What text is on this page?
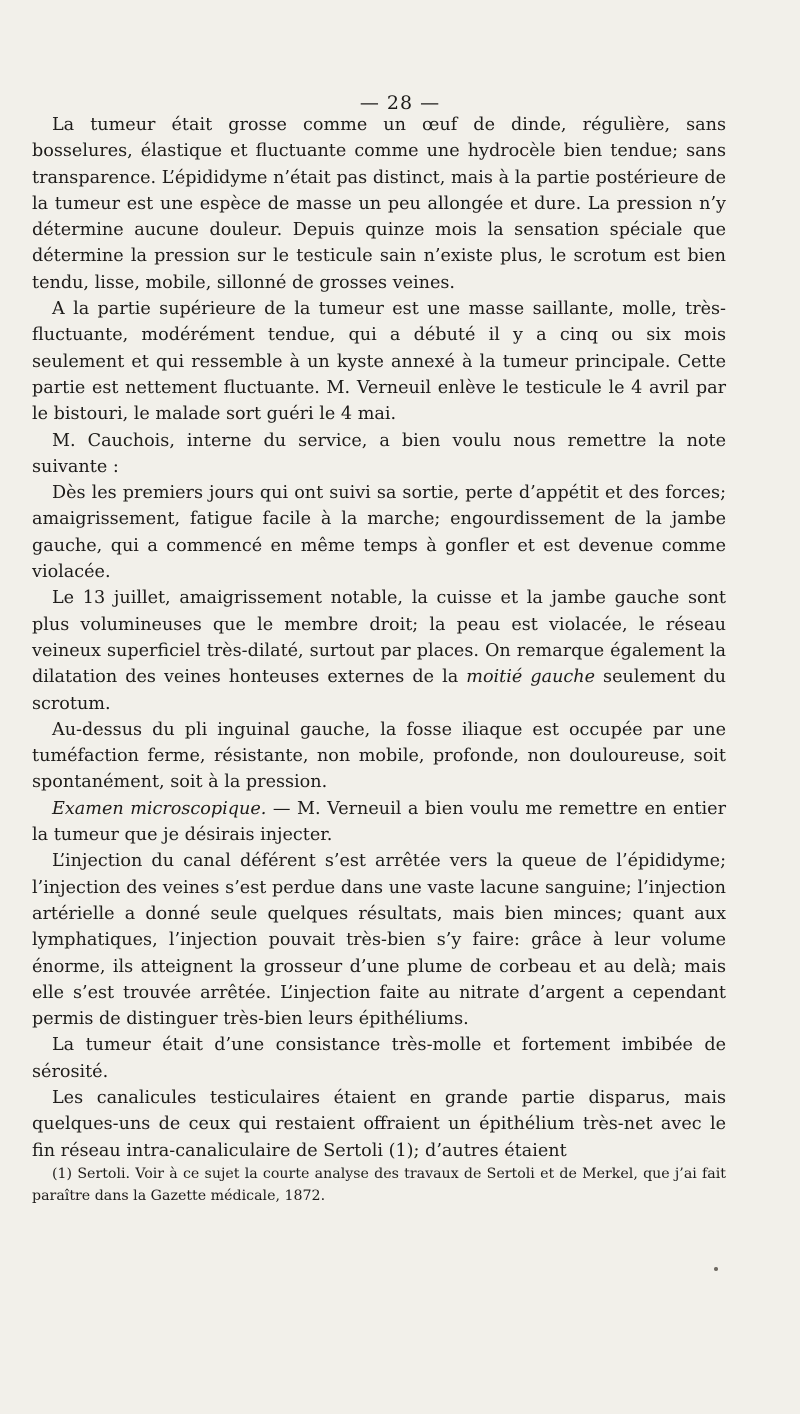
— 28 —

La tumeur était grosse comme un œuf de dinde, régulière, sans bosselures, élastique et fluctuante comme une hydrocèle bien tendue; sans transparence. L’épididyme n’était pas distinct, mais à la partie postérieure de la tumeur est une espèce de masse un peu allongée et dure. La pression n’y détermine aucune douleur. Depuis quinze mois la sensation spéciale que détermine la pression sur le testicule sain n’existe plus, le scrotum est bien tendu, lisse, mobile, sillonné de grosses veines.

A la partie supérieure de la tumeur est une masse saillante, molle, très-fluctuante, modérément tendue, qui a débuté il y a cinq ou six mois seulement et qui ressemble à un kyste annexé à la tumeur principale. Cette partie est nettement fluctuante. M. Verneuil enlève le testicule le 4 avril par le bistouri, le malade sort guéri le 4 mai.

M. Cauchois, interne du service, a bien voulu nous remettre la note suivante :

Dès les premiers jours qui ont suivi sa sortie, perte d’appétit et des forces; amaigrissement, fatigue facile à la marche; engourdissement de la jambe gauche, qui a commencé en même temps à gonfler et est devenue comme violacée.

Le 13 juillet, amaigrissement notable, la cuisse et la jambe gauche sont plus volumineuses que le membre droit; la peau est violacée, le réseau veineux superficiel très-dilaté, surtout par places. On remarque également la dilatation des veines honteuses externes de la moitié gauche seulement du scrotum.

Au-dessus du pli inguinal gauche, la fosse iliaque est occupée par une tuméfaction ferme, résistante, non mobile, profonde, non douloureuse, soit spontanément, soit à la pression.

Examen microscopique. — M. Verneuil a bien voulu me remettre en entier la tumeur que je désirais injecter.

L’injection du canal déférent s’est arrêtée vers la queue de l’épididyme; l’injection des veines s’est perdue dans une vaste lacune sanguine; l’injection artérielle a donné seule quelques résultats, mais bien minces; quant aux lymphatiques, l’injection pouvait très-bien s’y faire: grâce à leur volume énorme, ils atteignent la grosseur d’une plume de corbeau et au delà; mais elle s’est trouvée arrêtée. L’injection faite au nitrate d’argent a cependant permis de distinguer très-bien leurs épithéliums.

La tumeur était d’une consistance très-molle et fortement imbibée de sérosité.

Les canalicules testiculaires étaient en grande partie disparus, mais quelques-uns de ceux qui restaient offraient un épithélium très-net avec le fin réseau intra-canaliculaire de Sertoli (1); d’autres étaient

(1) Sertoli. Voir à ce sujet la courte analyse des travaux de Sertoli et de Merkel, que j’ai fait paraître dans la Gazette médicale, 1872.
